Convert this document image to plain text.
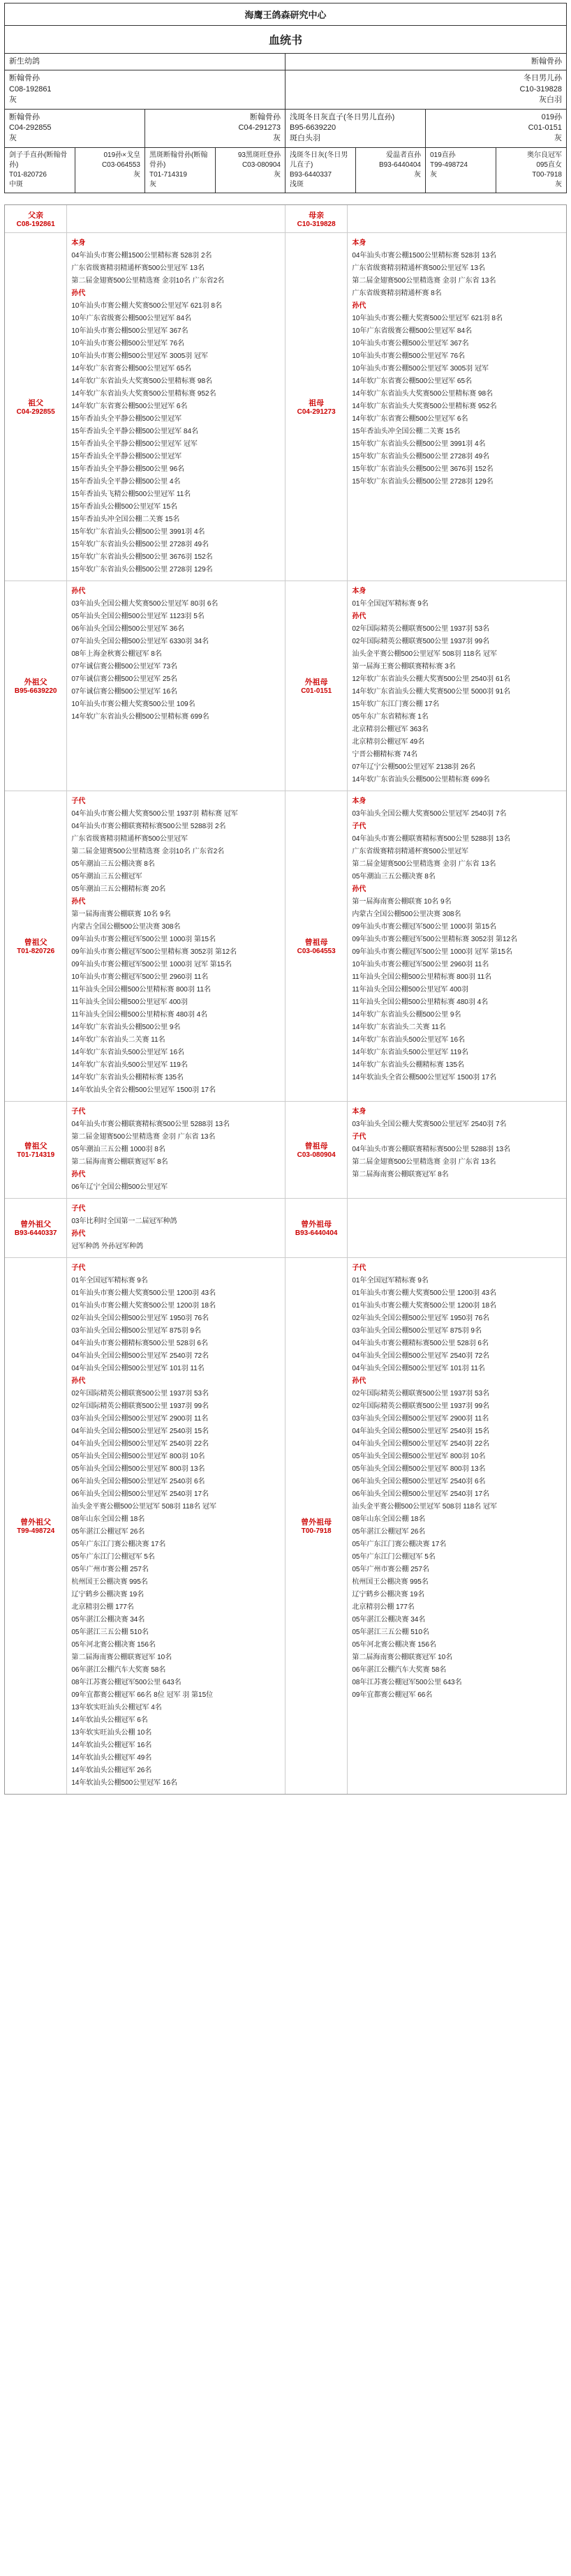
海鹰王鸽森研究中心
血统书
新生幼鸽	断翰骨孙
断翰骨孙
C08-192861
灰
冬日男儿孙
C10-319828
灰白羽
断翰骨孙
C04-292855
灰
断翰骨孙
C04-291273
灰
浅斑冬日灰直子(冬日男儿直孙)
B95-6639220
斑白头羽
019孙
C01-0151
灰
剑子手直孙(断翰骨孙)
T01-820726
中斑
019孙×戈皇
C03-064553
灰
黑斑断翰骨孙(断翰骨孙)
T01-714319
灰
93黑斑旺登孙
C03-080904
灰
浅斑冬日灰(冬日男儿直子)
B93-6440337
浅斑
爱温者直孙
B93-6440404
灰
019直孙
T99-498724
灰
奥尔良冠军
095直女
T00-7918
灰
父亲
C08-192861
母亲
C10-319828
祖父
C04-292855
本身
04年汕头市赛公棚1500公里精标赛 528羽 2名
广东省级赛精羽精通杯赛500公里冠军 13名
第二届金翅赛500公里精选赛 金羽10名 广东省2名
孙代
10年汕头市赛公棚大奖赛500公里冠军 621羽 8名
10年广东省级赛公棚500公里冠军 84名
10年汕头市赛公棚500公里冠军 367名
10年汕头市赛公棚500公里冠军 76名
10年汕头市赛公棚500公里冠军 3005羽 冠军
14年软广东省赛公棚500公里冠军 65名
14年软广东省汕头大奖赛500公里精标赛 98名
14年软广东省汕头大奖赛500公里精标赛 952名
14年软广东省赛公棚500公里冠军 6名
15年香汕头全平静公棚500公里冠军
15年香汕头全平静公棚500公里冠军 84名
15年香汕头全平静公棚500公里冠军 冠军
15年香汕头全平静公棚500公里冠军
15年香汕头全平静公棚500公里 96名
15年香汕头全平静公棚500公里 4名
15年香汕头飞精公棚500公里冠军 11名
15年香汕头公棚500公里冠军 15名
15年香汕头冲全国公棚二关赛 15名
15年软广东省汕头公棚500公里 3991羽 4名
15年软广东省汕头公棚500公里 2728羽 49名
15年软广东省汕头公棚500公里 3676羽 152名
15年软广东省汕头公棚500公里 2728羽 129名
祖母
C04-291273
本身
04年汕头市赛公棚1500公里精标赛 528羽 13名
广东省级赛精羽精通杯赛500公里冠军 13名
第二届金翅赛500公里精选赛 金羽 广东省 13名
广东省级赛精羽精通杯赛 8名
孙代
10年汕头市赛公棚大奖赛500公里冠军 621羽 8名
10年广东省级赛公棚500公里冠军 84名
10年汕头市赛公棚500公里冠军 367名
10年汕头市赛公棚500公里冠军 76名
10年汕头市赛公棚500公里冠军 3005羽 冠军
14年软广东省赛公棚500公里冠军 65名
14年软广东省汕头大奖赛500公里精标赛 98名
14年软广东省汕头大奖赛500公里精标赛 952名
14年软广东省赛公棚500公里冠军 6名
15年香汕头冲全国公棚二关赛 15名
15年软广东省汕头公棚500公里 3991羽 4名
15年软广东省汕头公棚500公里 2728羽 49名
15年软广东省汕头公棚500公里 3676羽 152名
15年软广东省汕头公棚500公里 2728羽 129名
外祖父
B95-6639220
孙代
03年汕头全国公棚大奖赛500公里冠军 80羽 6名
05年汕头全国公棚500公里冠军 1123羽 5名
06年汕头全国公棚500公里冠军 36名
07年汕头全国公棚500公里冠军 6330羽 34名
08年上海金秋赛公棚冠军 8名
07年诚信赛公棚500公里冠军 73名
07年诚信赛公棚500公里冠军 25名
07年诚信赛公棚500公里冠军 16名
10年汕头市赛公棚大奖赛500公里 109名
14年软广东省汕头公棚500公里精标赛 699名
外祖母
C01-0151
本身
01年全国冠军精标赛 9名
孙代
02年国际精英公棚联赛500公里 1937羽 53名
02年国际精英公棚联赛500公里 1937羽 99名
汕头金平赛公棚500公里冠军 508羽 118名 冠军
第一届海王赛公棚联赛精标赛 3名
12年软广东省汕头公棚大奖赛500公里 2540羽 61名
14年软广东省汕头公棚大奖赛500公里 5000羽 91名
15年软广东江门赛公棚 17名
05年东广东省精标赛 1名
北京精羽公棚冠军 363名
北京精羽公棚冠军 49名
宁晋公棚精标赛 74名
07年辽宁公棚500公里冠军 2138羽 26名
14年软广东省汕头公棚500公里精标赛 699名
曾祖父
T01-820726
子代
04年汕头市赛公棚大奖赛500公里 1937羽 精标赛 冠军
04年汕头市赛公棚联赛精标赛500公里 5288羽 2名
广东省级赛精羽精通杯赛500公里冠军
第二届金翅赛500公里精选赛 金羽10名 广东省2名
05年潮汕三五公棚决赛 8名
05年潮汕三五公棚冠军
05年潮汕三五公棚精标赛 20名
孙代
第一届海南赛公棚联赛 10名 9名
内蒙古全国公棚500公里决赛 308名
09年汕头市赛公棚冠军500公里 1000羽 第15名
09年汕头市赛公棚冠军500公里精标赛 3052羽 第12名
09年汕头市赛公棚冠军500公里 1000羽 冠军 第15名
10年汕头市赛公棚冠军500公里 2960羽 11名
11年汕头全国公棚500公里精标赛 800羽 11名
11年汕头全国公棚500公里冠军 400羽
11年汕头全国公棚500公里精标赛 480羽 4名
14年软广东省汕头公棚500公里 9名
14年软广东省汕头二关赛 11名
14年软广东省汕头500公里冠军 16名
14年软广东省汕头500公里冠军 119名
14年软广东省汕头公棚精标赛 135名
14年软汕头全省公棚500公里冠军 1500羽 17名
曾祖母
C03-064553
本身
03年汕头全国公棚大奖赛500公里冠军 2540羽 7名
子代
04年汕头市赛公棚联赛精标赛500公里 5288羽 13名
广东省级赛精羽精通杯赛500公里冠军
第二届金翅赛500公里精选赛 金羽 广东省 13名
05年潮汕三五公棚决赛 8名
孙代
第一届海南赛公棚联赛 10名 9名
内蒙古全国公棚500公里决赛 308名
09年汕头市赛公棚冠军500公里 1000羽 第15名
09年汕头市赛公棚冠军500公里精标赛 3052羽 第12名
09年汕头市赛公棚冠军500公里 1000羽 冠军 第15名
10年汕头市赛公棚冠军500公里 2960羽 11名
11年汕头全国公棚500公里精标赛 800羽 11名
11年汕头全国公棚500公里冠军 400羽
11年汕头全国公棚500公里精标赛 480羽 4名
14年软广东省汕头公棚500公里 9名
14年软广东省汕头二关赛 11名
14年软广东省汕头500公里冠军 16名
14年软广东省汕头500公里冠军 119名
14年软广东省汕头公棚精标赛 135名
14年软汕头全省公棚500公里冠军 1500羽 17名
曾祖父
T01-714319
子代
04年汕头市赛公棚联赛精标赛500公里 5288羽 13名
第二届金翅赛500公里精选赛 金羽 广东省 13名
05年潮汕三五公棚 1000羽 8名
第二届海南赛公棚联赛冠军 8名
孙代
06年辽宁全国公棚500公里冠军
曾祖母
C03-080904
本身
03年汕头全国公棚大奖赛500公里冠军 2540羽 7名
子代
04年汕头市赛公棚联赛精标赛500公里 5288羽 13名
第二届金翅赛500公里精选赛 金羽 广东省 13名
第二届海南赛公棚联赛冠军 8名
曾外祖父
B93-6440337
子代
03年比利时全国第一二届冠军种鸽
孙代
冠军种鸽 外孙冠军种鸽
曾外祖母
B93-6440404
曾外祖父
T99-498724
子代
01年全国冠军精标赛 9名
01年汕头市赛公棚大奖赛500公里 1200羽 43名
01年汕头市赛公棚大奖赛500公里 1200羽 18名
02年汕头全国公棚500公里冠军 1950羽 76名
03年汕头全国公棚500公里冠军 875羽 9名
04年汕头市赛公棚精标赛500公里 528羽 6名
04年汕头全国公棚500公里冠军 2540羽 72名
04年汕头全国公棚500公里冠军 101羽 11名
孙代
02年国际精英公棚联赛500公里 1937羽 53名
02年国际精英公棚联赛500公里 1937羽 99名
03年汕头全国公棚500公里冠军 2900羽 11名
04年汕头全国公棚500公里冠军 2540羽 15名
04年汕头全国公棚500公里冠军 2540羽 22名
05年汕头全国公棚500公里冠军 800羽 10名
05年汕头全国公棚500公里冠军 800羽 13名
06年汕头全国公棚500公里冠军 2540羽 6名
06年汕头全国公棚500公里冠军 2540羽 17名
汕头金平赛公棚500公里冠军 508羽 118名 冠军
08年山东全国公棚 18名
05年湛江公棚冠军 26名
05年广东江门赛公棚决赛 17名
05年广东江门公棚冠军 5名
05年广州市赛公棚 257名
杭州国王公棚决赛 995名
辽宁鹤乡公棚决赛 19名
北京精羽公棚 177名
05年湛江公棚决赛 34名
05年湛江三五公棚 510名
05年河北赛公棚决赛 156名
第二届海南赛公棚联赛冠军 10名
06年湛江公棚汽车大奖赛 58名
08年江苏赛公棚冠军500公里 643名
09年宜都赛公棚冠军 66名 8位 冠军 羽 第15位
13年软实旺汕头公棚冠军 4名
14年软汕头公棚冠军 6名
13年软实旺汕头公棚 10名
14年软汕头公棚冠军 16名
14年软汕头公棚冠军 49名
14年软汕头公棚冠军 26名
14年软汕头公棚500公里冠军 16名
曾外祖母
T00-7918
子代
01年全国冠军精标赛 9名
01年汕头市赛公棚大奖赛500公里 1200羽 43名
01年汕头市赛公棚大奖赛500公里 1200羽 18名
02年汕头全国公棚500公里冠军 1950羽 76名
03年汕头全国公棚500公里冠军 875羽 9名
04年汕头市赛公棚精标赛500公里 528羽 6名
04年汕头全国公棚500公里冠军 2540羽 72名
04年汕头全国公棚500公里冠军 101羽 11名
孙代
02年国际精英公棚联赛500公里 1937羽 53名
02年国际精英公棚联赛500公里 1937羽 99名
03年汕头全国公棚500公里冠军 2900羽 11名
04年汕头全国公棚500公里冠军 2540羽 15名
04年汕头全国公棚500公里冠军 2540羽 22名
05年汕头全国公棚500公里冠军 800羽 10名
05年汕头全国公棚500公里冠军 800羽 13名
06年汕头全国公棚500公里冠军 2540羽 6名
06年汕头全国公棚500公里冠军 2540羽 17名
汕头金平赛公棚500公里冠军 508羽 118名 冠军
08年山东全国公棚 18名
05年湛江公棚冠军 26名
05年广东江门赛公棚决赛 17名
05年广东江门公棚冠军 5名
05年广州市赛公棚 257名
杭州国王公棚决赛 995名
辽宁鹤乡公棚决赛 19名
北京精羽公棚 177名
05年湛江公棚决赛 34名
05年湛江三五公棚 510名
05年河北赛公棚决赛 156名
第二届海南赛公棚联赛冠军 10名
06年湛江公棚汽车大奖赛 58名
08年江苏赛公棚冠军500公里 643名
09年宜都赛公棚冠军 66名
